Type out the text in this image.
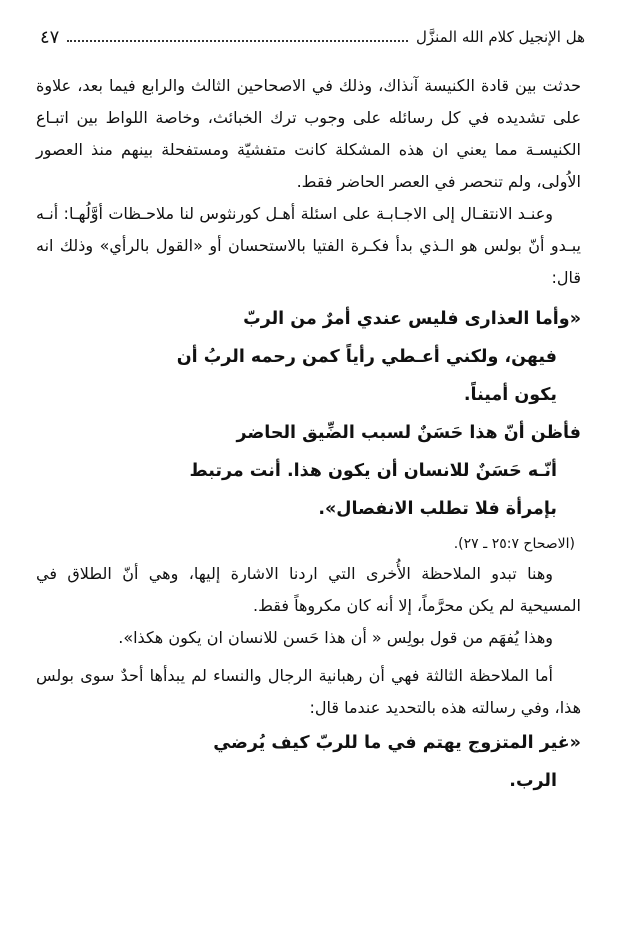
هل الإنجيل كلام الله المنزَّل
٤٧

حدثت بين قادة الكنيسة آنذاك، وذلك في الاصحاحين الثالث والرابع فيما بعد، علاوة على تشديده في كل رسائله على وجوب ترك الخبائث، وخاصة اللواط بين اتبـاع الكنيسـة مما يعني ان هذه المشكلة كانت متفشيّة ومستفحلة بينهم منذ العصور الاُولى، ولم تنحصر في العصر الحاضر فقط.

وعنـد الانتقـال إلى الاجـابـة على اسئلة أهـل كورنثوس لنا ملاحـظات أوَّلُهـا: أنـه يبـدو أنّ بولس هو الـذي بدأ فكـرة الفتيا بالاستحسان أو «القول بالرأي» وذلك انه قال:

«وأما العذارى فليس عندي أمرٌ من الربّ

فيهن، ولكني أعـطي رأياً كمن رحمه الربُ أن

يكون أميناً.

فأظن أنّ هذا حَسَنٌ لسبب الضِّيق الحاضر

أنّـه حَسَنٌ للانسان أن يكون هذا. أنت مرتبط

بإمرأة فلا تطلب الانفصال».

(الاصحاح ٢٥:٧ ـ ٢٧).

وهنا تبدو الملاحظة الأُخرى التي اردنا الاشارة إليها، وهي أنّ الطلاق في المسيحية لم يكن محرَّماً، إلا أنه كان مكروهاً فقط.

وهذا يُفهَم من قول بولِس « أن هذا حَسن للانسان ان يكون هكذا».

أما الملاحظة الثالثة فهي أن رهبانية الرجال والنساء لم يبدأها أحدٌ سوى بولس هذا، وفي رسالته هذه بالتحديد عندما قال:

«غير المتزوج يهتم في ما للربّ كيف يُرضي

الرب.
